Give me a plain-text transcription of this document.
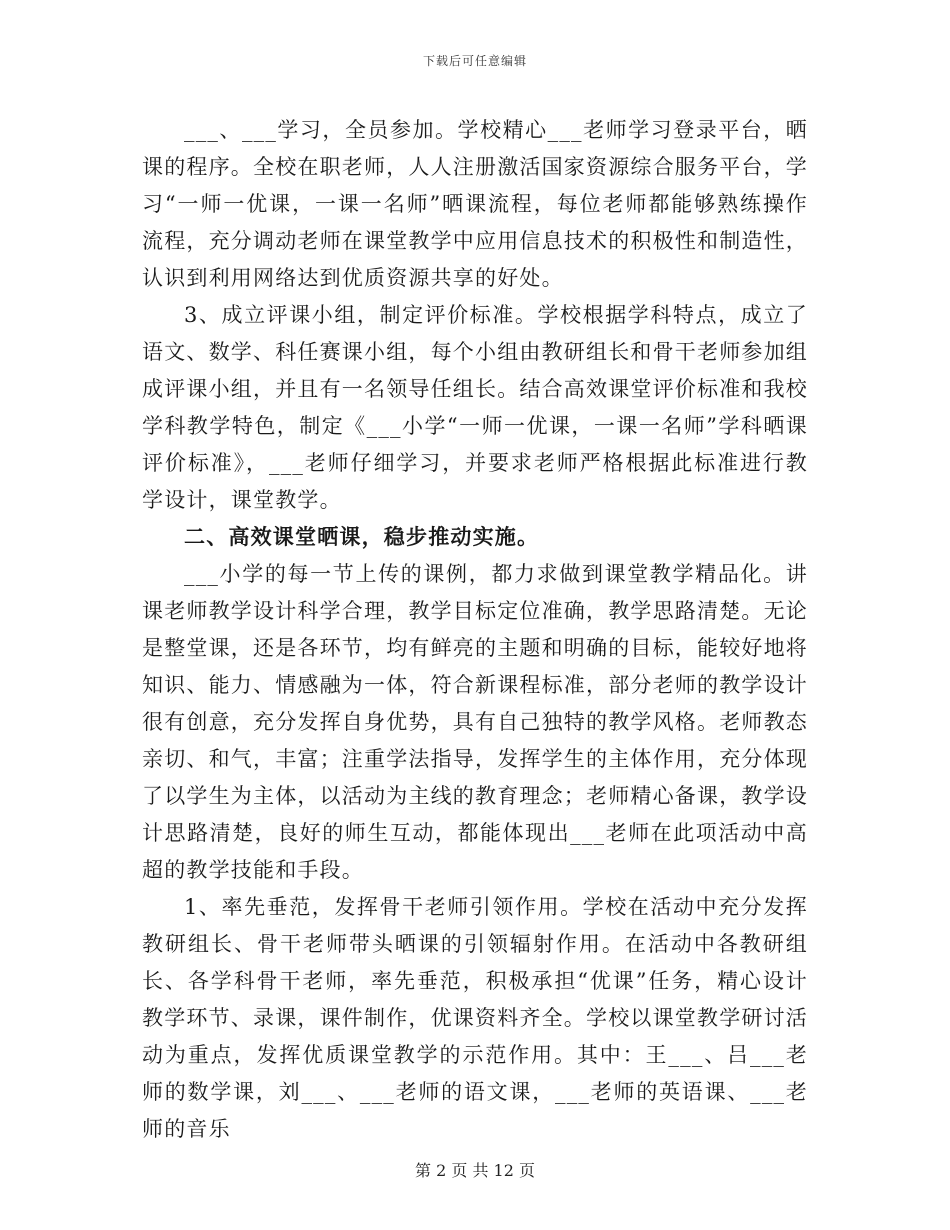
下载后可任意编辑

___、___学习，全员参加。学校精心___老师学习登录平台，晒课的程序。全校在职老师，人人注册激活国家资源综合服务平台，学习“一师一优课，一课一名师”晒课流程，每位老师都能够熟练操作流程，充分调动老师在课堂教学中应用信息技术的积极性和制造性，认识到利用网络达到优质资源共享的好处。

3、成立评课小组，制定评价标准。学校根据学科特点，成立了语文、数学、科任赛课小组，每个小组由教研组长和骨干老师参加组成评课小组，并且有一名领导任组长。结合高效课堂评价标准和我校学科教学特色，制定《___小学“一师一优课，一课一名师”学科晒课评价标准》，___老师仔细学习，并要求老师严格根据此标准进行教学设计，课堂教学。

二、高效课堂晒课，稳步推动实施。

___小学的每一节上传的课例，都力求做到课堂教学精品化。讲课老师教学设计科学合理，教学目标定位准确，教学思路清楚。无论是整堂课，还是各环节，均有鲜亮的主题和明确的目标，能较好地将知识、能力、情感融为一体，符合新课程标准，部分老师的教学设计很有创意，充分发挥自身优势，具有自己独特的教学风格。老师教态亲切、和气，丰富；注重学法指导，发挥学生的主体作用，充分体现了以学生为主体，以活动为主线的教育理念；老师精心备课，教学设计思路清楚，良好的师生互动，都能体现出___老师在此项活动中高超的教学技能和手段。

1、率先垂范，发挥骨干老师引领作用。学校在活动中充分发挥教研组长、骨干老师带头晒课的引领辐射作用。在活动中各教研组长、各学科骨干老师，率先垂范，积极承担“优课”任务，精心设计教学环节、录课，课件制作，优课资料齐全。学校以课堂教学研讨活动为重点，发挥优质课堂教学的示范作用。其中：王___、吕___老师的数学课，刘___、___老师的语文课，___老师的英语课、___老师的音乐

第 2 页 共 12 页
